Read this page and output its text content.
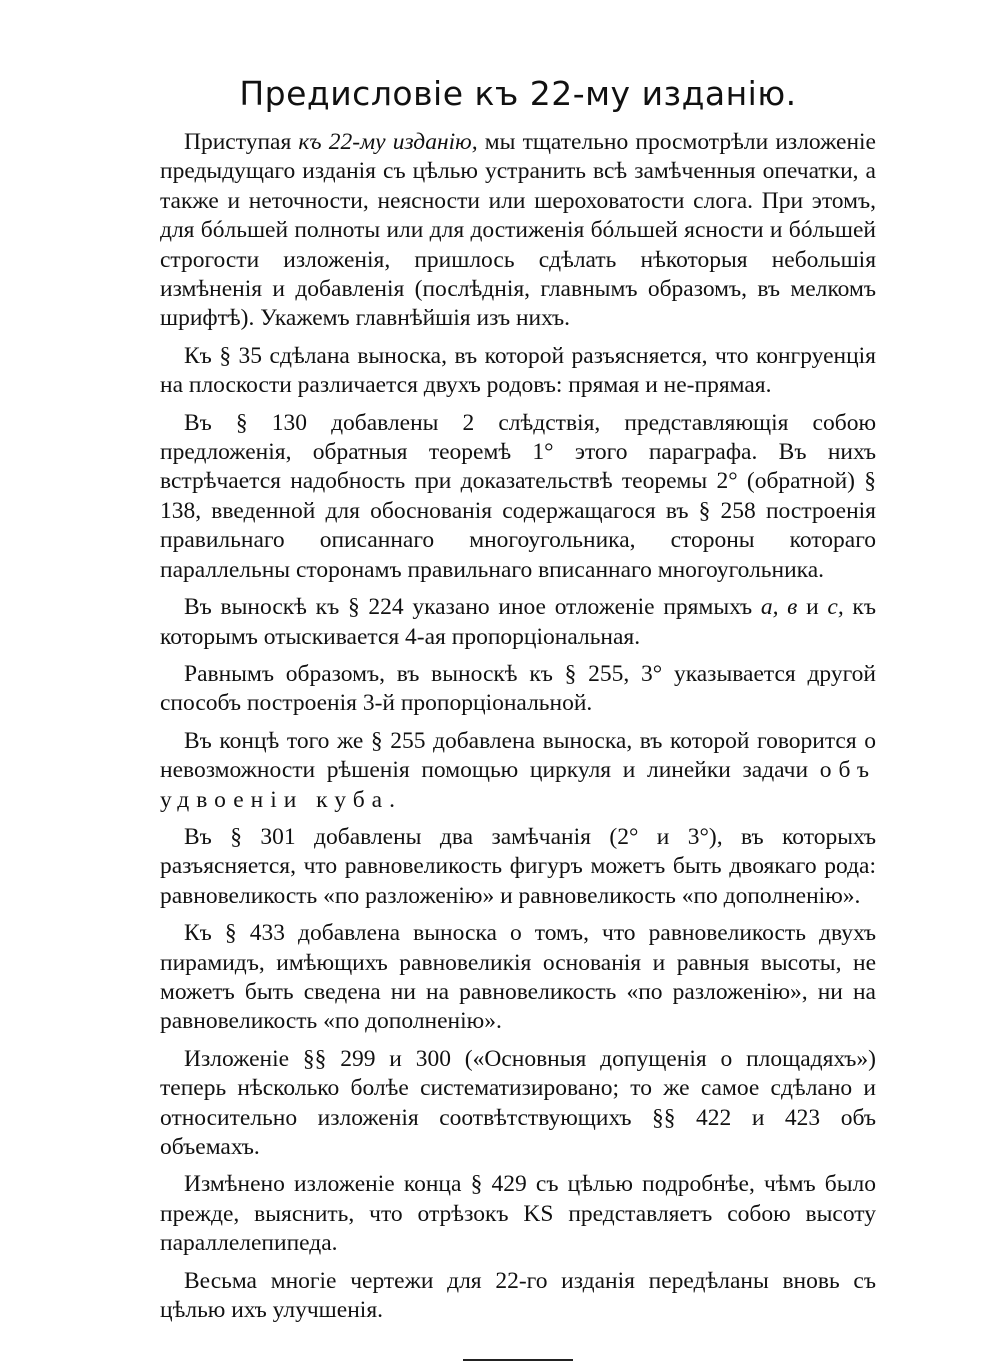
Предисловіе къ 22-му изданію.

Приступая къ 22-му изданію, мы тщательно просмотрѣли изложеніе предыдущаго изданія съ цѣлью устранить всѣ замѣченныя опечатки, а также и неточности, неясности или шероховатости слога. При этомъ, для бóльшей полноты или для достиженія бóльшей ясности и бóльшей строгости изложенія, пришлось сдѣлать нѣкоторыя небольшія измѣненія и добавленія (послѣднія, главнымъ образомъ, въ мелкомъ шрифтѣ). Укажемъ главнѣйшія изъ нихъ.

Къ § 35 сдѣлана выноска, въ которой разъясняется, что конгруенція на плоскости различается двухъ родовъ: прямая и не-прямая.

Въ § 130 добавлены 2 слѣдствія, представляющія собою предложенія, обратныя теоремѣ 1° этого параграфа. Въ нихъ встрѣчается надобность при доказательствѣ теоремы 2° (обратной) § 138, введенной для обоснованія содержащагося въ § 258 построенія правильнаго описаннаго многоугольника, стороны котораго параллельны сторонамъ правильнаго вписаннаго многоугольника.

Въ выноскѣ къ § 224 указано иное отложеніе прямыхъ a, в и c, къ которымъ отыскивается 4-ая пропорціональная.

Равнымъ образомъ, въ выноскѣ къ § 255, 3° указывается другой способъ построенія 3-й пропорціональной.

Въ концѣ того же § 255 добавлена выноска, въ которой говорится о невозможности рѣшенія помощью циркуля и линейки задачи объ удвоеніи куба.

Въ § 301 добавлены два замѣчанія (2° и 3°), въ которыхъ разъясняется, что равновеликость фигуръ можетъ быть двоякаго рода: равновеликость «по разложенію» и равновеликость «по дополненію».

Къ § 433 добавлена выноска о томъ, что равновеликость двухъ пирамидъ, имѣющихъ равновеликія основанія и равныя высоты, не можетъ быть сведена ни на равновеликость «по разложенію», ни на равновеликость «по дополненію».

Изложеніе §§ 299 и 300 («Основныя допущенія о площадяхъ») теперь нѣсколько болѣе систематизировано; то же самое сдѣлано и относительно изложенія соотвѣтствующихъ §§ 422 и 423 объ объемахъ.

Измѣнено изложеніе конца § 429 съ цѣлью подробнѣе, чѣмъ было прежде, выяснить, что отрѣзокъ KS представляетъ собою высоту параллелепипеда.

Весьма многіе чертежи для 22-го изданія передѣланы вновь съ цѣлью ихъ улучшенія.
